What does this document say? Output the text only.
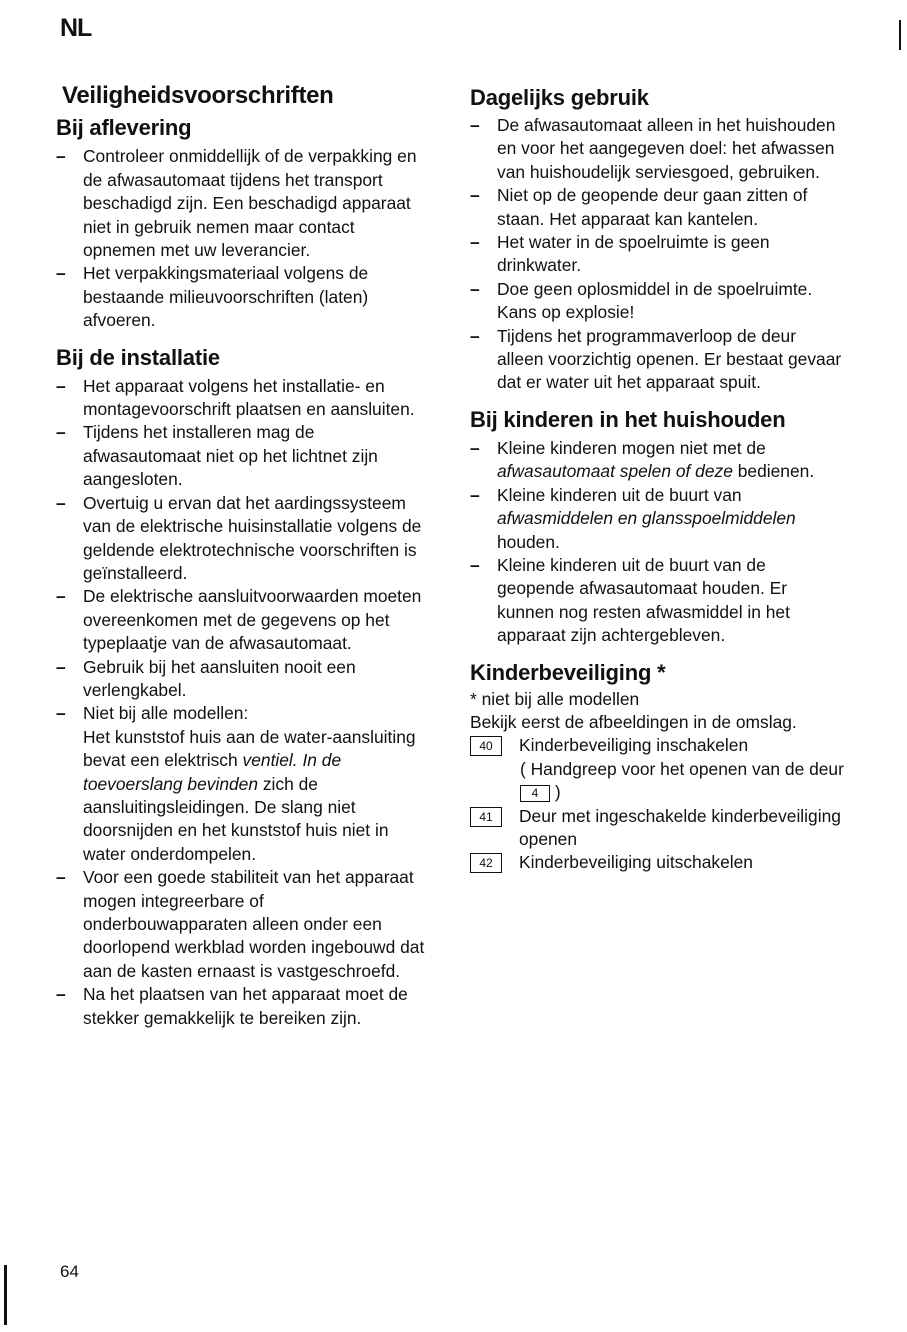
NL
Veiligheidsvoorschriften
Bij aflevering
– Controleer onmiddellijk of de verpakking en de afwasautomaat tijdens het transport beschadigd zijn. Een beschadigd apparaat niet in gebruik nemen maar contact opnemen met uw leverancier.
– Het verpakkingsmateriaal volgens de bestaande milieuvoorschriften (laten) afvoeren.
Bij de installatie
– Het apparaat volgens het installatie- en montagevoorschrift plaatsen en aansluiten.
– Tijdens het installeren mag de afwasautomaat niet op het lichtnet zijn aangesloten.
– Overtuig u ervan dat het aardingssysteem van de elektrische huisinstallatie volgens de geldende elektrotechnische voorschriften is geïnstalleerd.
– De elektrische aansluitvoorwaarden moeten overeenkomen met de gegevens op het typeplaatje van de afwasautomaat.
– Gebruik bij het aansluiten nooit een verlengkabel.
– Niet bij alle modellen:
Het kunststof huis aan de water-aansluiting bevat een elektrisch ventiel. In de toevoerslang bevinden zich de aansluitingsleidingen. De slang niet doorsnijden en het kunststof huis niet in water onderdompelen.
– Voor een goede stabiliteit van het apparaat mogen integreerbare of onderbouwapparaten alleen onder een doorlopend werkblad worden ingebouwd dat aan de kasten ernaast is vastgeschroefd.
– Na het plaatsen van het apparaat moet de stekker gemakkelijk te bereiken zijn.
Dagelijks gebruik
– De afwasautomaat alleen in het huishouden en voor het aangegeven doel: het afwassen van huishoudelijk serviesgoed, gebruiken.
– Niet op de geopende deur gaan zitten of staan. Het apparaat kan kantelen.
– Het water in de spoelruimte is geen drinkwater.
– Doe geen oplosmiddel in de spoelruimte. Kans op explosie!
– Tijdens het programmaverloop de deur alleen voorzichtig openen. Er bestaat gevaar dat er water uit het apparaat spuit.
Bij kinderen in het huishouden
– Kleine kinderen mogen niet met de afwasautomaat spelen of deze bedienen.
– Kleine kinderen uit de buurt van afwasmiddelen en glansspoelmiddelen houden.
– Kleine kinderen uit de buurt van de geopende afwasautomaat houden. Er kunnen nog resten afwasmiddel in het apparaat zijn achtergebleven.
Kinderbeveiliging *

* niet bij alle modellen

Bekijk eerst de afbeeldingen in de omslag.

40	Kinderbeveiliging inschakelen
( Handgreep voor het openen van de deur 4 )
41	Deur met ingeschakelde kinderbeveiliging openen
42	Kinderbeveiliging uitschakelen
64
